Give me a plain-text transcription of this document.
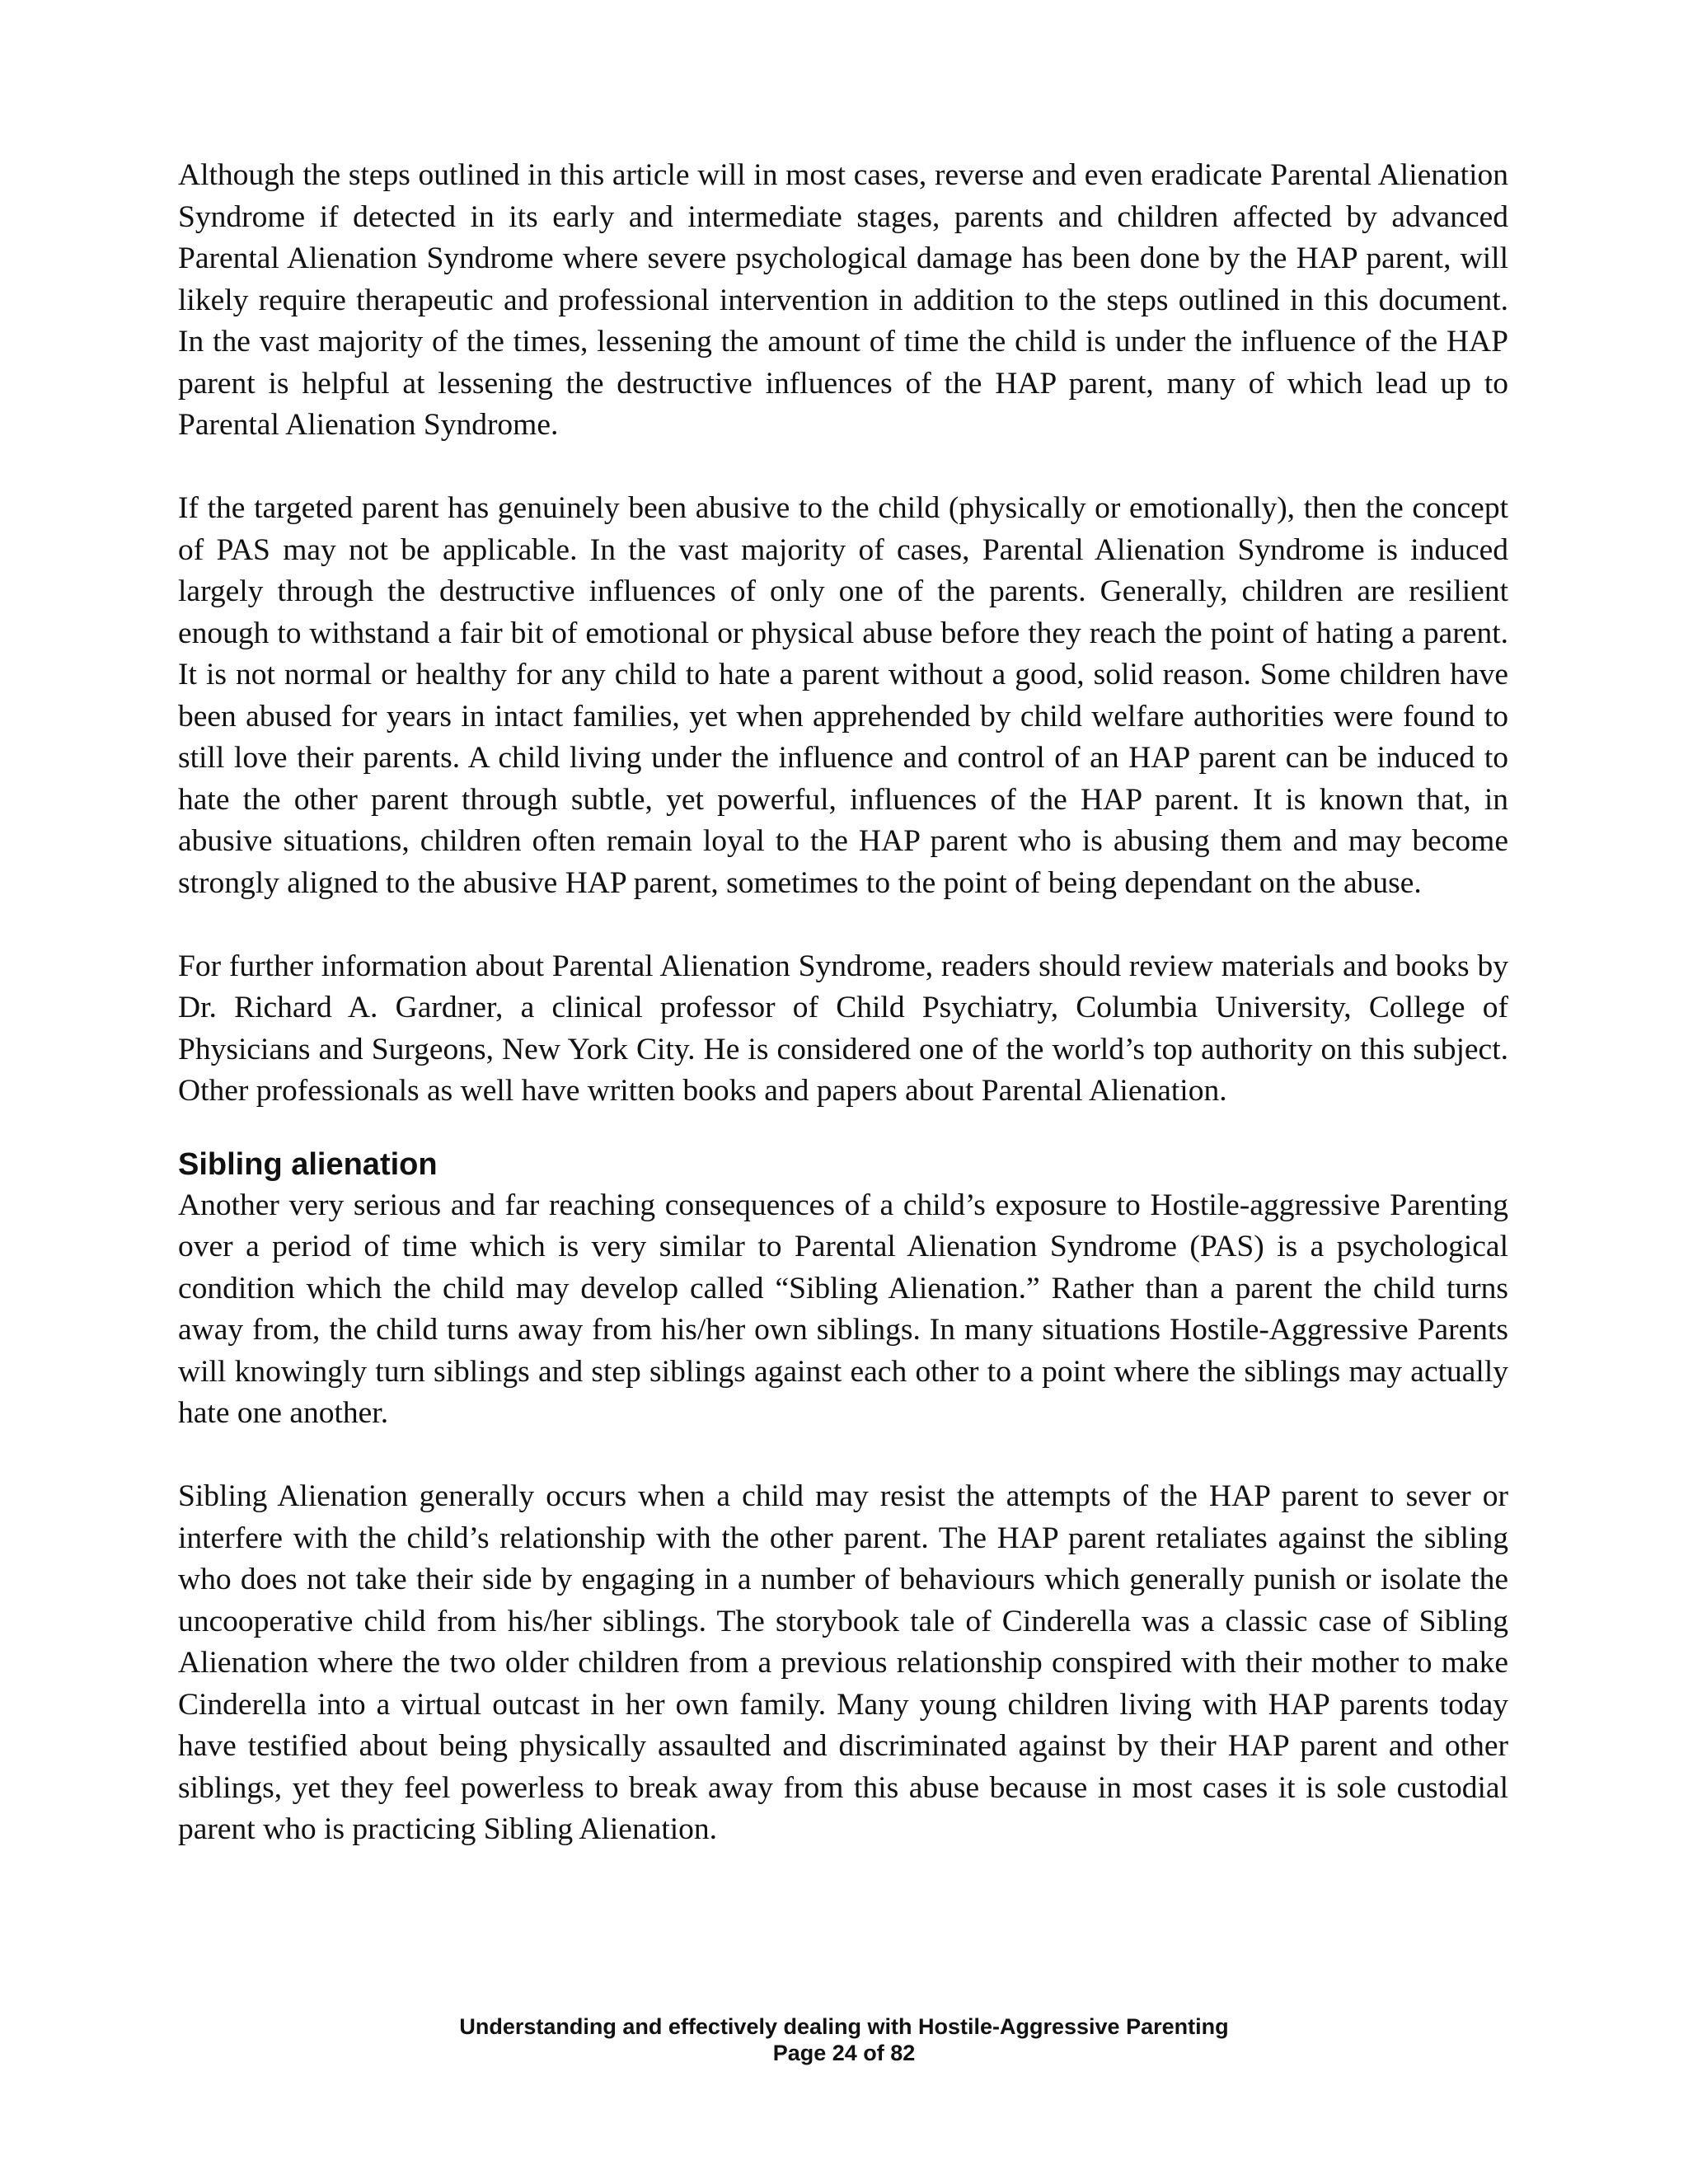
Although the steps outlined in this article will in most cases, reverse and even eradicate Parental Alienation Syndrome if detected in its early and intermediate stages, parents and children affected by advanced Parental Alienation Syndrome where severe psychological damage has been done by the HAP parent, will likely require therapeutic and professional intervention in addition to the steps outlined in this document. In the vast majority of the times, lessening the amount of time the child is under the influence of the HAP parent is helpful at lessening the destructive influences of the HAP parent, many of which lead up to Parental Alienation Syndrome.

If the targeted parent has genuinely been abusive to the child (physically or emotionally), then the concept of PAS may not be applicable. In the vast majority of cases, Parental Alienation Syndrome is induced largely through the destructive influences of only one of the parents. Generally, children are resilient enough to withstand a fair bit of emotional or physical abuse before they reach the point of hating a parent. It is not normal or healthy for any child to hate a parent without a good, solid reason. Some children have been abused for years in intact families, yet when apprehended by child welfare authorities were found to still love their parents. A child living under the influence and control of an HAP parent can be induced to hate the other parent through subtle, yet powerful, influences of the HAP parent. It is known that, in abusive situations, children often remain loyal to the HAP parent who is abusing them and may become strongly aligned to the abusive HAP parent, sometimes to the point of being dependant on the abuse.

For further information about Parental Alienation Syndrome, readers should review materials and books by Dr. Richard A. Gardner, a clinical professor of Child Psychiatry, Columbia University, College of Physicians and Surgeons, New York City. He is considered one of the world’s top authority on this subject. Other professionals as well have written books and papers about Parental Alienation.

Sibling alienation

Another very serious and far reaching consequences of a child’s exposure to Hostile-aggressive Parenting over a period of time which is very similar to Parental Alienation Syndrome (PAS) is a psychological condition which the child may develop called “Sibling Alienation.” Rather than a parent the child turns away from, the child turns away from his/her own siblings. In many situations Hostile-Aggressive Parents will knowingly turn siblings and step siblings against each other to a point where the siblings may actually hate one another.

Sibling Alienation generally occurs when a child may resist the attempts of the HAP parent to sever or interfere with the child’s relationship with the other parent. The HAP parent retaliates against the sibling who does not take their side by engaging in a number of behaviours which generally punish or isolate the uncooperative child from his/her siblings. The storybook tale of Cinderella was a classic case of Sibling Alienation where the two older children from a previous relationship conspired with their mother to make Cinderella into a virtual outcast in her own family. Many young children living with HAP parents today have testified about being physically assaulted and discriminated against by their HAP parent and other siblings, yet they feel powerless to break away from this abuse because in most cases it is sole custodial parent who is practicing Sibling Alienation.

Understanding and effectively dealing with Hostile-Aggressive Parenting
Page 24 of 82
